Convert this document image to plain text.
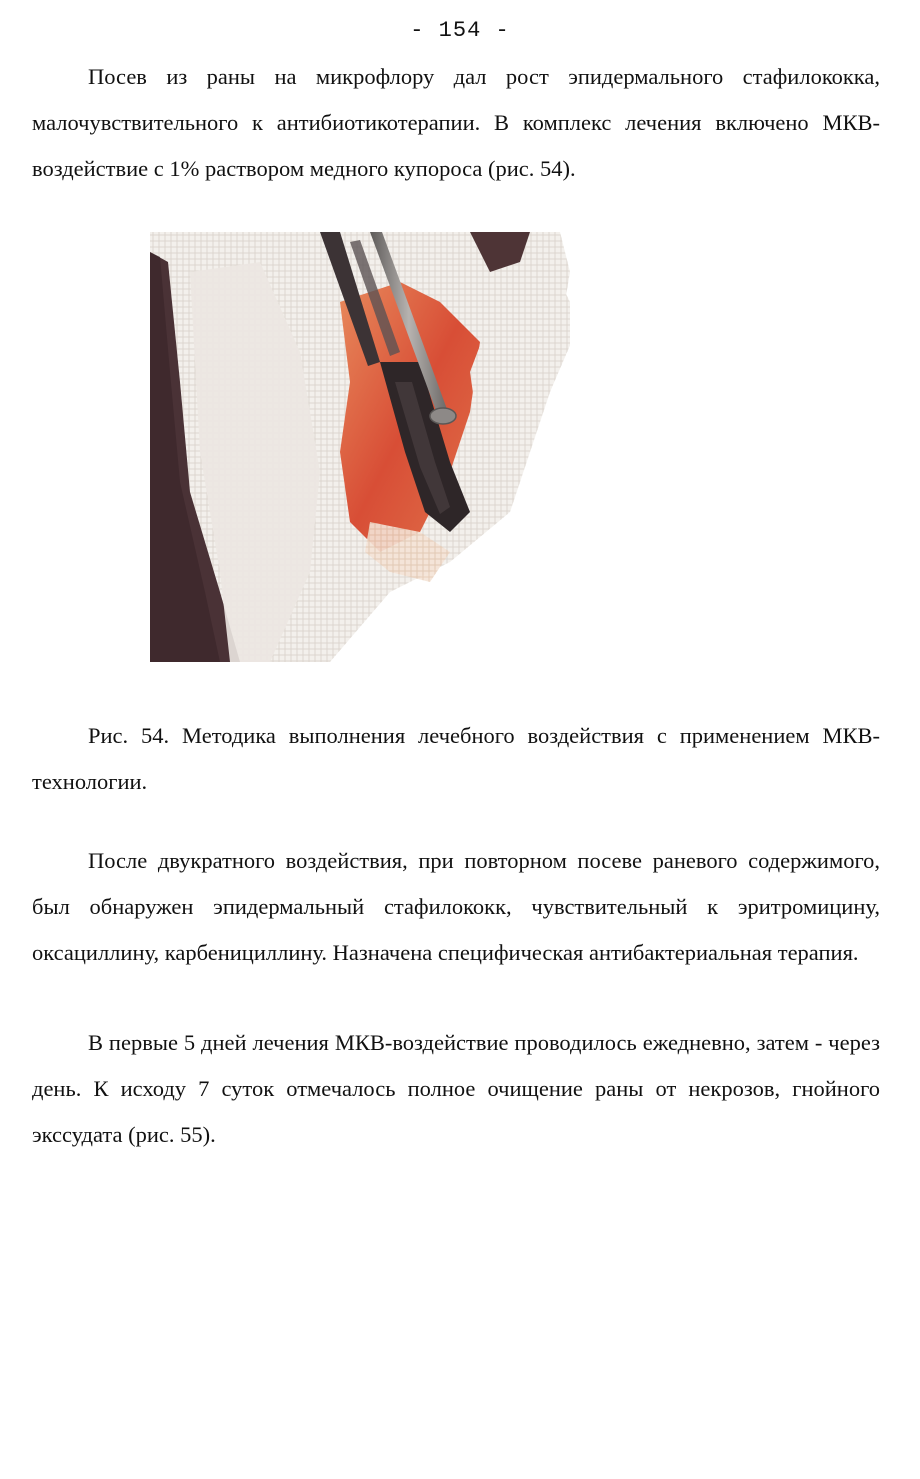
- 154 -

Посев из раны на микрофлору дал рост эпидермального стафилококка, малочувствительного к антибиотикотерапии. В комплекс лечения включено МКВ-воздействие с 1% раствором медного купороса (рис. 54).

Рис. 54. Методика выполнения лечебного воздействия с применением МКВ-технологии.

После двукратного воздействия, при повторном посеве раневого содержимого, был обнаружен эпидермальный стафилококк, чувствительный к эритромицину, оксациллину, карбенициллину. Назначена специфическая антибактериальная терапия.

В первые 5 дней лечения МКВ-воздействие проводилось ежедневно, затем - через день. К исходу 7 суток отмечалось полное очищение раны от некрозов, гнойного экссудата (рис. 55).
